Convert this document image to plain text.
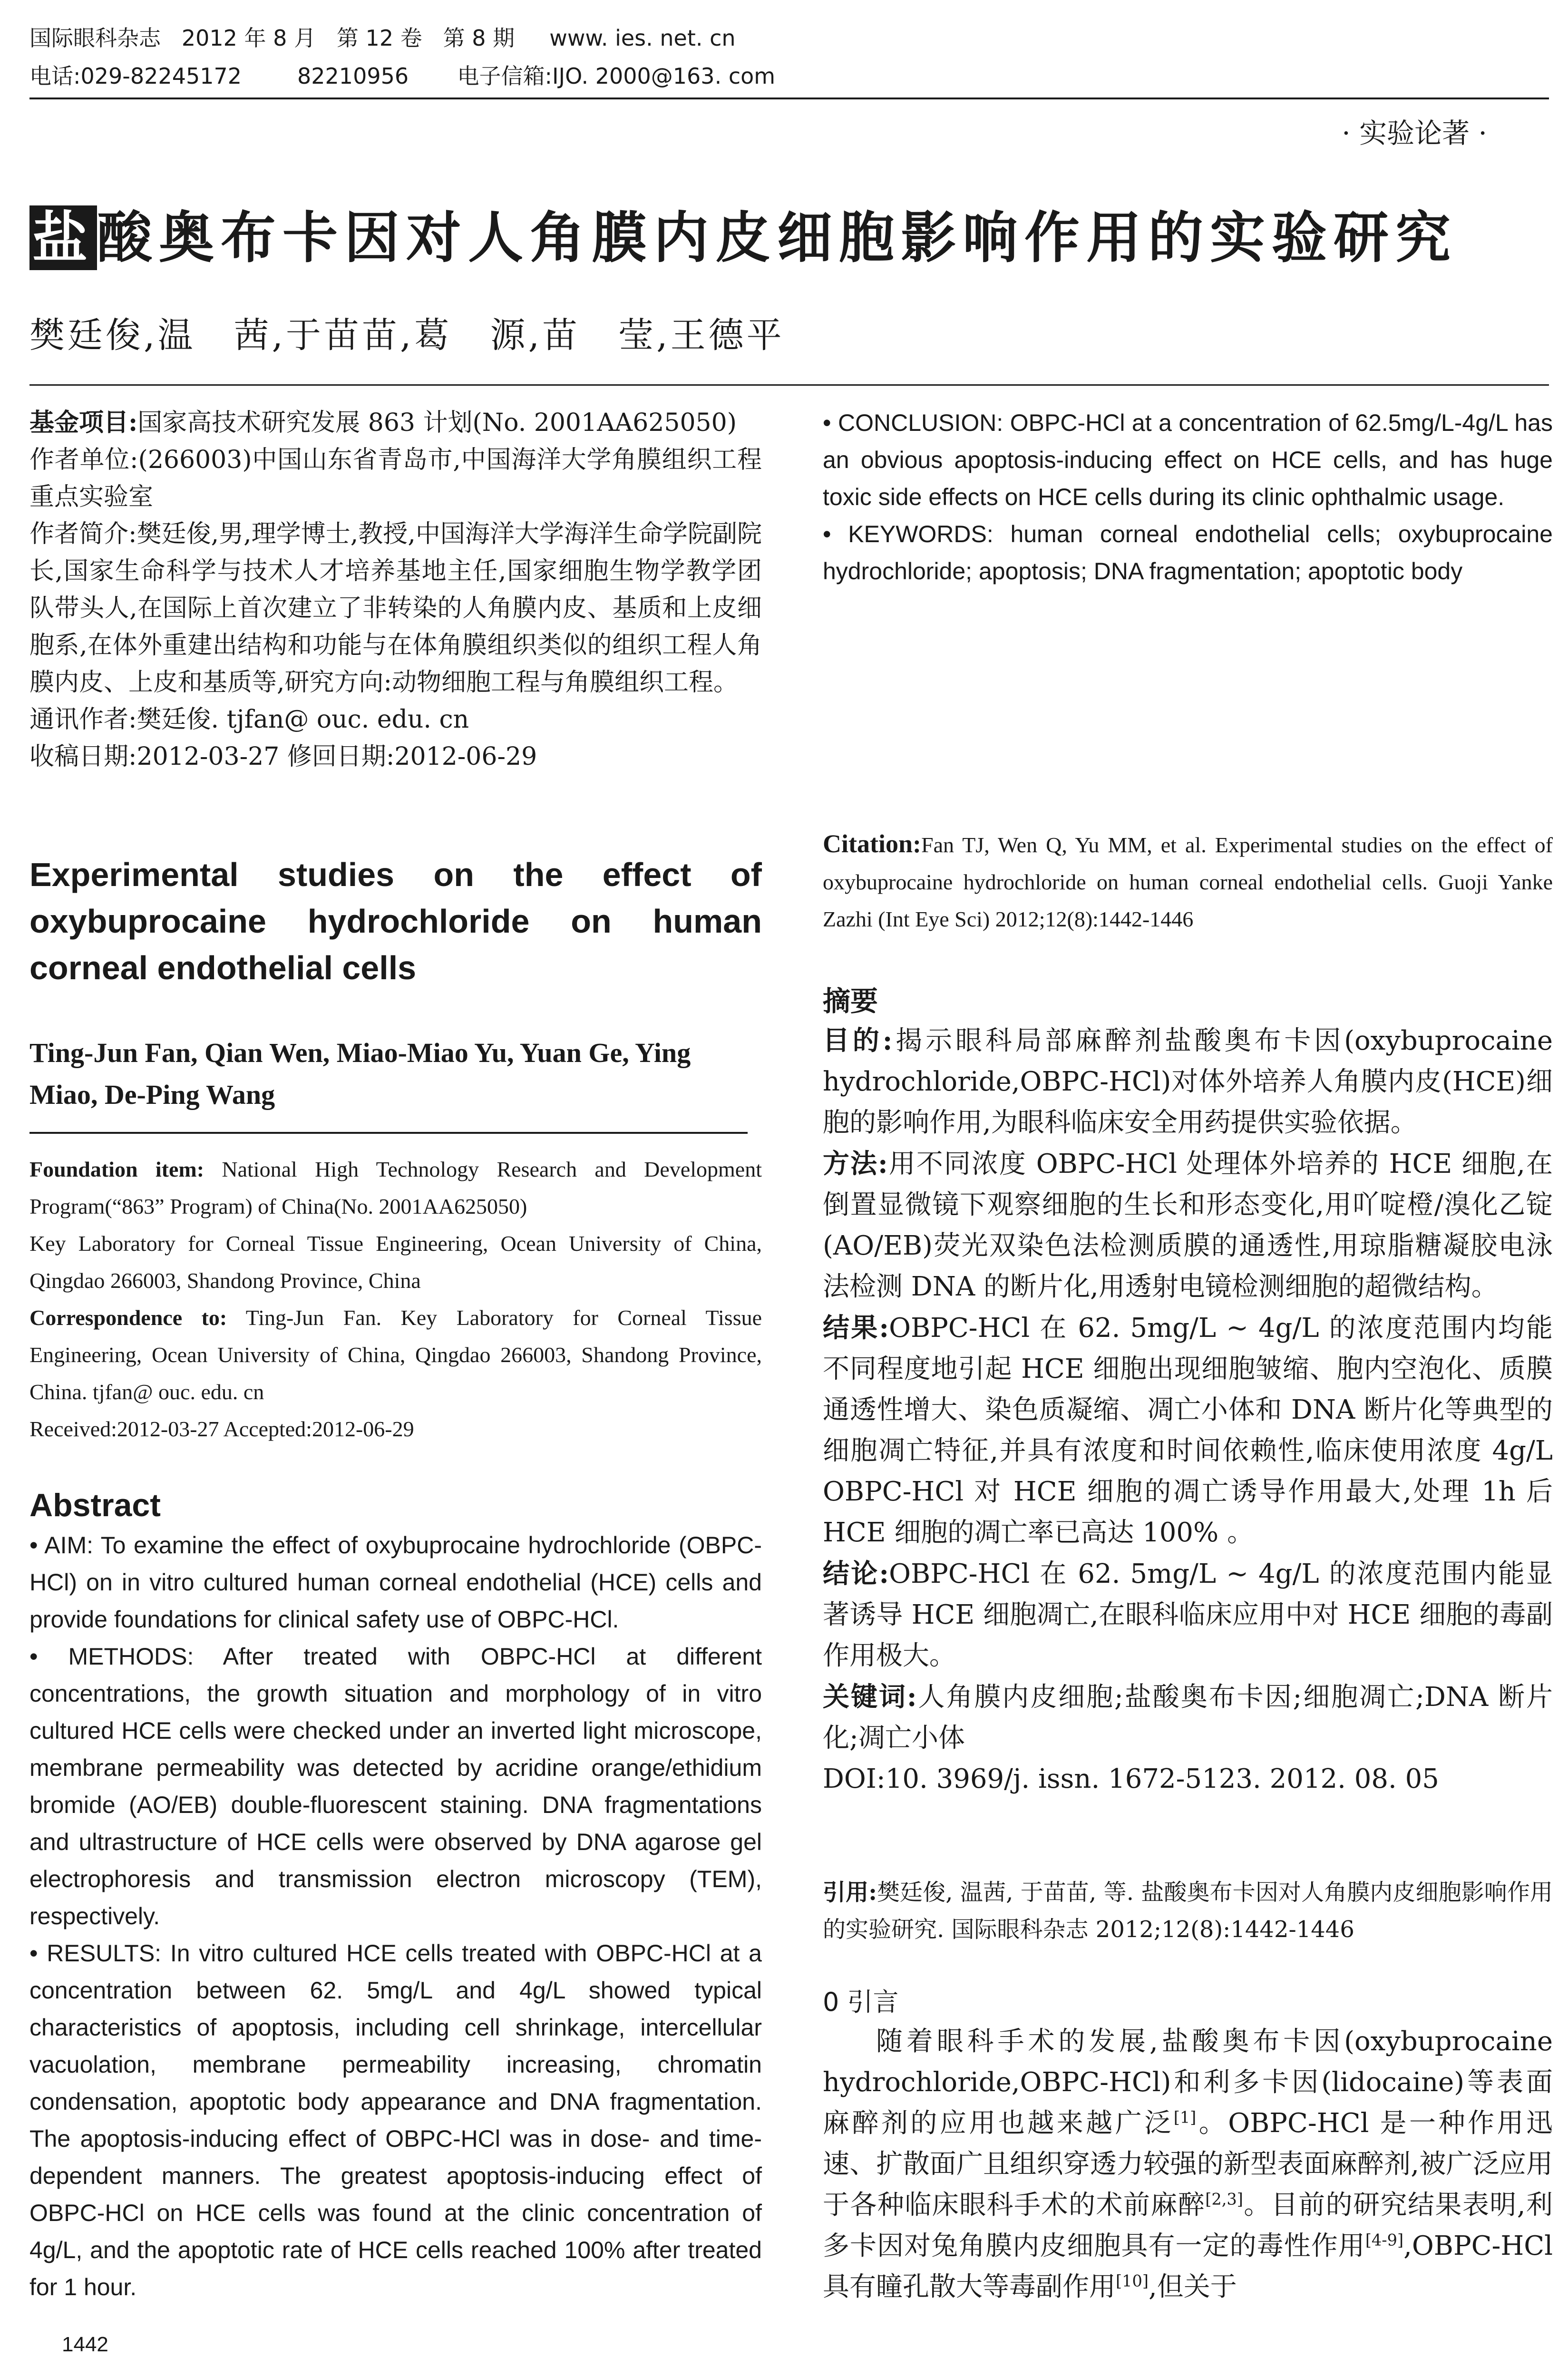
国际眼科杂志   2012 年 8 月   第 12 卷   第 8 期     www. ies. net. cn
电话:029-82245172        82210956       电子信箱:IJO. 2000@163. com
· 实验论著 ·
盐酸奥布卡因对人角膜内皮细胞影响作用的实验研究
樊廷俊,温　茜,于苗苗,葛　源,苗　莹,王德平

基金项目:国家高技术研究发展 863 计划(No. 2001AA625050)

作者单位:(266003)中国山东省青岛市,中国海洋大学角膜组织工程重点实验室

作者简介:樊廷俊,男,理学博士,教授,中国海洋大学海洋生命学院副院长,国家生命科学与技术人才培养基地主任,国家细胞生物学教学团队带头人,在国际上首次建立了非转染的人角膜内皮、基质和上皮细胞系,在体外重建出结构和功能与在体角膜组织类似的组织工程人角膜内皮、上皮和基质等,研究方向:动物细胞工程与角膜组织工程。

通讯作者:樊廷俊. tjfan@ ouc. edu. cn

收稿日期:2012-03-27 修回日期:2012-06-29

Experimental studies on the effect of oxybuprocaine hydrochloride on human corneal endothelial cells

Ting-Jun Fan, Qian Wen, Miao-Miao Yu, Yuan Ge, Ying Miao, De-Ping Wang

Foundation item: National High Technology Research and Development Program(“863” Program) of China(No. 2001AA625050)

Key Laboratory for Corneal Tissue Engineering, Ocean University of China, Qingdao 266003, Shandong Province, China

Correspondence to: Ting-Jun Fan. Key Laboratory for Corneal Tissue Engineering, Ocean University of China, Qingdao 266003, Shandong Province, China. tjfan@ ouc. edu. cn

Received:2012-03-27 Accepted:2012-06-29

Abstract

• AIM: To examine the effect of oxybuprocaine hydrochloride (OBPC-HCl) on in vitro cultured human corneal endothelial (HCE) cells and provide foundations for clinical safety use of OBPC-HCl.

• METHODS: After treated with OBPC-HCl at different concentrations, the growth situation and morphology of in vitro cultured HCE cells were checked under an inverted light microscope, membrane permeability was detected by acridine orange/ethidium bromide (AO/EB) double-fluorescent staining. DNA fragmentations and ultrastructure of HCE cells were observed by DNA agarose gel electrophoresis and transmission electron microscopy (TEM), respectively.

• RESULTS: In vitro cultured HCE cells treated with OBPC-HCl at a concentration between 62. 5mg/L and 4g/L showed typical characteristics of apoptosis, including cell shrinkage, intercellular vacuolation, membrane permeability increasing, chromatin condensation, apoptotic body appearance and DNA fragmentation. The apoptosis-inducing effect of OBPC-HCl was in dose- and time-dependent manners. The greatest apoptosis-inducing effect of OBPC-HCl on HCE cells was found at the clinic concentration of 4g/L, and the apoptotic rate of HCE cells reached 100% after treated for 1 hour.

• CONCLUSION: OBPC-HCl at a concentration of 62.5mg/L-4g/L has an obvious apoptosis-inducing effect on HCE cells, and has huge toxic side effects on HCE cells during its clinic ophthalmic usage.

• KEYWORDS: human corneal endothelial cells; oxybuprocaine hydrochloride; apoptosis; DNA fragmentation; apoptotic body

Citation:Fan TJ, Wen Q, Yu MM, et al. Experimental studies on the effect of oxybuprocaine hydrochloride on human corneal endothelial cells. Guoji Yanke Zazhi (Int Eye Sci) 2012;12(8):1442-1446

摘要

目的:揭示眼科局部麻醉剂盐酸奥布卡因(oxybuprocaine hydrochloride,OBPC-HCl)对体外培养人角膜内皮(HCE)细胞的影响作用,为眼科临床安全用药提供实验依据。

方法:用不同浓度 OBPC-HCl 处理体外培养的 HCE 细胞,在倒置显微镜下观察细胞的生长和形态变化,用吖啶橙/溴化乙锭(AO/EB)荧光双染色法检测质膜的通透性,用琼脂糖凝胶电泳法检测 DNA 的断片化,用透射电镜检测细胞的超微结构。

结果:OBPC-HCl 在 62. 5mg/L ~ 4g/L 的浓度范围内均能不同程度地引起 HCE 细胞出现细胞皱缩、胞内空泡化、质膜通透性增大、染色质凝缩、凋亡小体和 DNA 断片化等典型的细胞凋亡特征,并具有浓度和时间依赖性,临床使用浓度 4g/L OBPC-HCl 对 HCE 细胞的凋亡诱导作用最大,处理 1h 后 HCE 细胞的凋亡率已高达 100% 。

结论:OBPC-HCl 在 62. 5mg/L ~ 4g/L 的浓度范围内能显著诱导 HCE 细胞凋亡,在眼科临床应用中对 HCE 细胞的毒副作用极大。

关键词:人角膜内皮细胞;盐酸奥布卡因;细胞凋亡;DNA 断片化;凋亡小体

DOI:10. 3969/j. issn. 1672-5123. 2012. 08. 05

引用:樊廷俊, 温茜, 于苗苗, 等. 盐酸奥布卡因对人角膜内皮细胞影响作用的实验研究. 国际眼科杂志 2012;12(8):1442-1446

0 引言

随着眼科手术的发展,盐酸奥布卡因(oxybuprocaine hydrochloride,OBPC-HCl)和利多卡因(lidocaine)等表面麻醉剂的应用也越来越广泛[1]。OBPC-HCl 是一种作用迅速、扩散面广且组织穿透力较强的新型表面麻醉剂,被广泛应用于各种临床眼科手术的术前麻醉[2,3]。目前的研究结果表明,利多卡因对兔角膜内皮细胞具有一定的毒性作用[4-9],OBPC-HCl 具有瞳孔散大等毒副作用[10],但关于

1442
